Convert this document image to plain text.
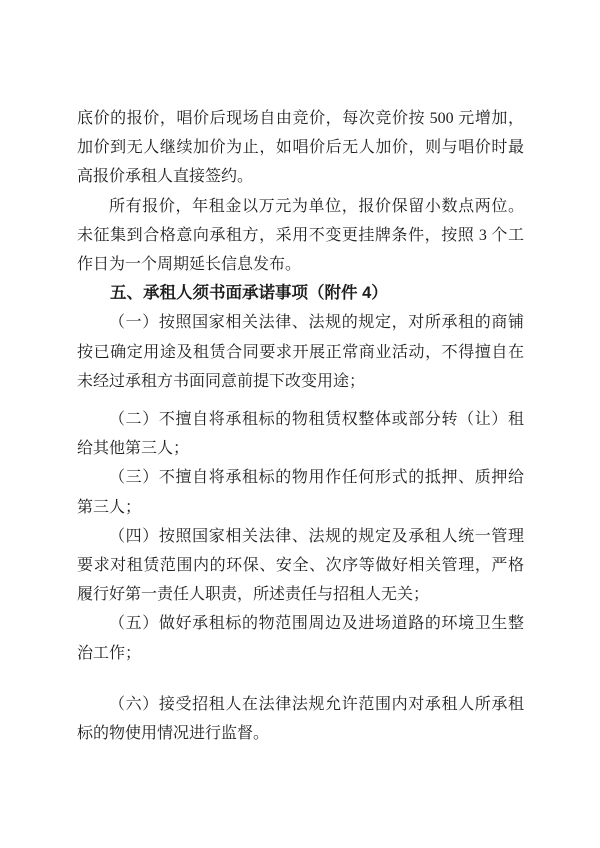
底价的报价，唱价后现场自由竞价，每次竞价按 500 元增加，加价到无人继续加价为止，如唱价后无人加价，则与唱价时最高报价承租人直接签约。

所有报价，年租金以万元为单位，报价保留小数点两位。未征集到合格意向承租方，采用不变更挂牌条件，按照 3 个工作日为一个周期延长信息发布。

五、承租人须书面承诺事项（附件 4）

（一）按照国家相关法律、法规的规定，对所承租的商铺按已确定用途及租赁合同要求开展正常商业活动，不得擅自在未经过承租方书面同意前提下改变用途；

（二）不擅自将承租标的物租赁权整体或部分转（让）租给其他第三人；

（三）不擅自将承租标的物用作任何形式的抵押、质押给第三人；

（四）按照国家相关法律、法规的规定及承租人统一管理要求对租赁范围内的环保、安全、次序等做好相关管理，严格履行好第一责任人职责，所述责任与招租人无关；

（五）做好承租标的物范围周边及进场道路的环境卫生整治工作；

（六）接受招租人在法律法规允许范围内对承租人所承租标的物使用情况进行监督。
